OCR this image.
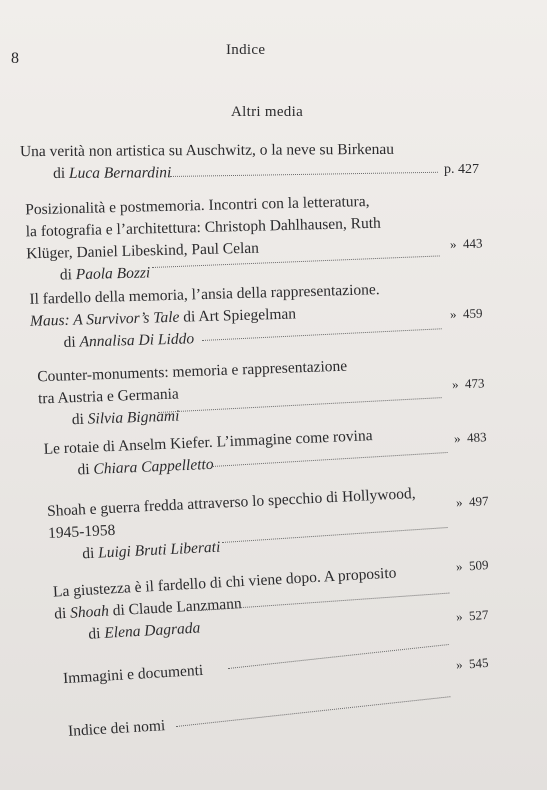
8	Indice
Altri media
Una verità non artistica su Auschwitz, o la neve su Birkenau
di Luca Bernardini	p. 427
Posizionalità e postmemoria. Incontri con la letteratura,
la fotografia e l’architettura: Christoph Dahlhausen, Ruth
Klüger, Daniel Libeskind, Paul Celan
di Paola Bozzi
» 443
Il fardello della memoria, l’ansia della rappresentazione.
Maus: A Survivor’s Tale di Art Spiegelman
di Annalisa Di Liddo
» 459
Counter-monuments: memoria e rappresentazione
tra Austria e Germania
di Silvia Bignami
» 473
Le rotaie di Anselm Kiefer. L’immagine come rovina
di Chiara Cappelletto
» 483
Shoah e guerra fredda attraverso lo specchio di Hollywood,
1945-1958
di Luigi Bruti Liberati
» 497
La giustezza è il fardello di chi viene dopo. A proposito
di Shoah di Claude Lanzmann
di Elena Dagrada
» 509
Immagini e documenti
» 527
Indice dei nomi
» 545
